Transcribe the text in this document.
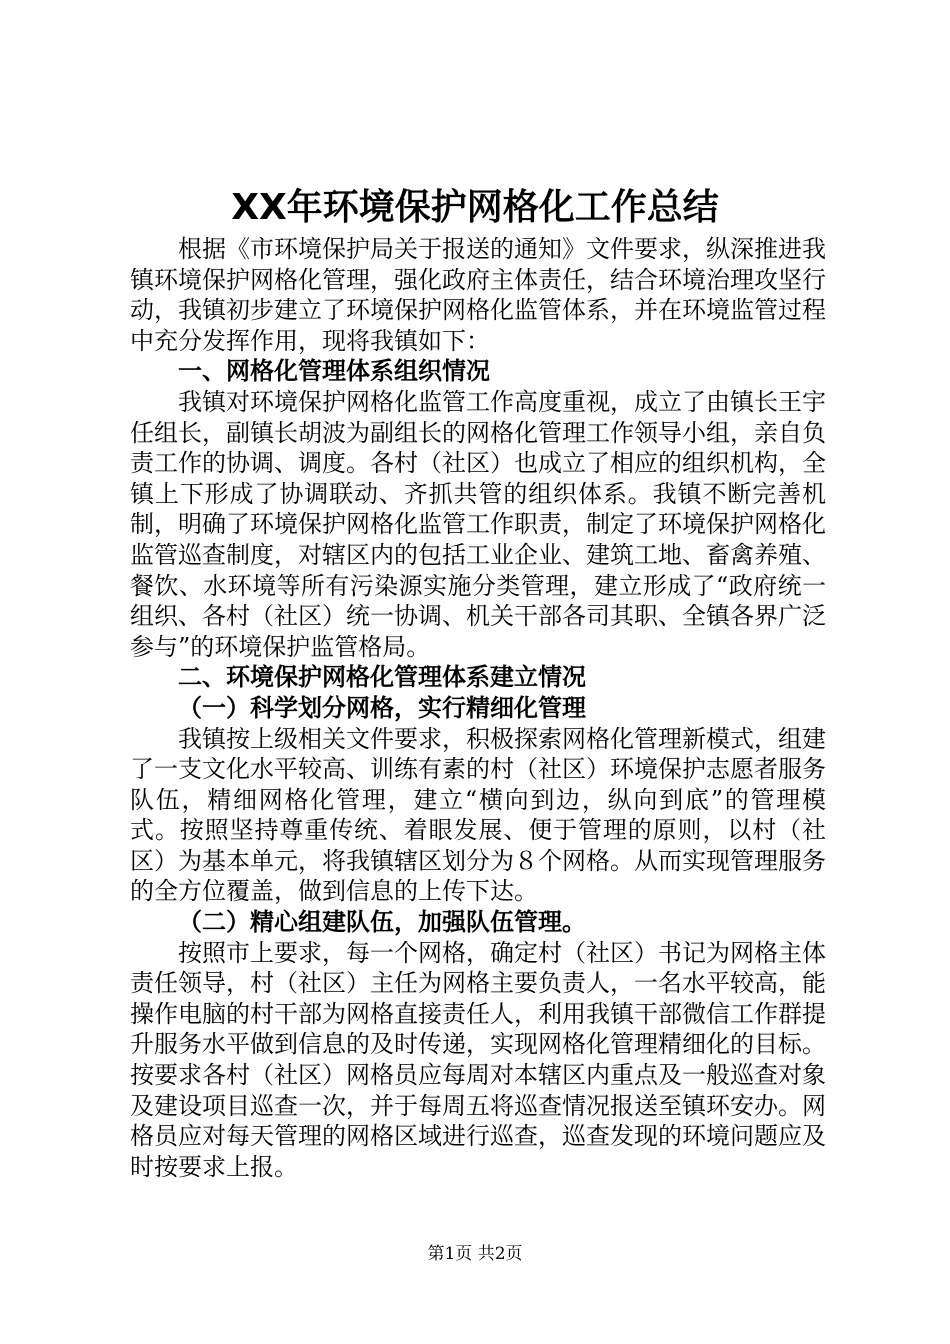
XX年环境保护网格化工作总结

根据《市环境保护局关于报送的通知》文件要求，纵深推进我镇环境保护网格化管理，强化政府主体责任，结合环境治理攻坚行动，我镇初步建立了环境保护网格化监管体系，并在环境监管过程中充分发挥作用，现将我镇如下：

一、网格化管理体系组织情况

我镇对环境保护网格化监管工作高度重视，成立了由镇长王宇任组长，副镇长胡波为副组长的网格化管理工作领导小组，亲自负责工作的协调、调度。各村（社区）也成立了相应的组织机构，全镇上下形成了协调联动、齐抓共管的组织体系。我镇不断完善机制，明确了环境保护网格化监管工作职责，制定了环境保护网格化监管巡查制度，对辖区内的包括工业企业、建筑工地、畜禽养殖、餐饮、水环境等所有污染源实施分类管理，建立形成了“政府统一组织、各村（社区）统一协调、机关干部各司其职、全镇各界广泛参与”的环境保护监管格局。

二、环境保护网格化管理体系建立情况

（一）科学划分网格，实行精细化管理

我镇按上级相关文件要求，积极探索网格化管理新模式，组建了一支文化水平较高、训练有素的村（社区）环境保护志愿者服务队伍，精细网格化管理，建立“横向到边，纵向到底”的管理模式。按照坚持尊重传统、着眼发展、便于管理的原则，以村（社区）为基本单元，将我镇辖区划分为８个网格。从而实现管理服务的全方位覆盖，做到信息的上传下达。

（二）精心组建队伍，加强队伍管理。

按照市上要求，每一个网格，确定村（社区）书记为网格主体责任领导，村（社区）主任为网格主要负责人，一名水平较高，能操作电脑的村干部为网格直接责任人，利用我镇干部微信工作群提升服务水平做到信息的及时传递，实现网格化管理精细化的目标。按要求各村（社区）网格员应每周对本辖区内重点及一般巡查对象及建设项目巡查一次，并于每周五将巡查情况报送至镇环安办。网格员应对每天管理的网格区域进行巡查，巡查发现的环境问题应及时按要求上报。

第1页 共2页
